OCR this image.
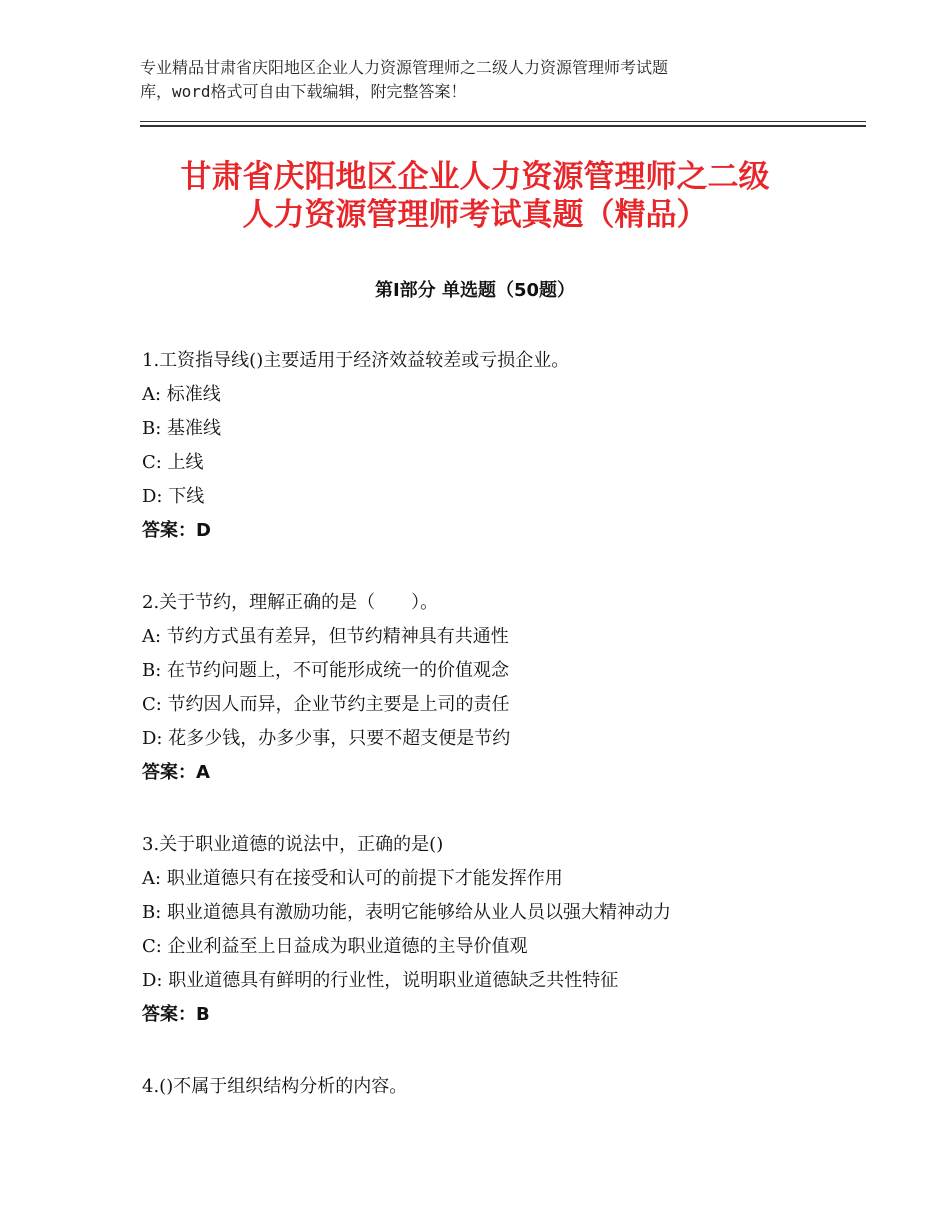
专业精品甘肃省庆阳地区企业人力资源管理师之二级人力资源管理师考试题
库，word格式可自由下载编辑，附完整答案！
甘肃省庆阳地区企业人力资源管理师之二级
人力资源管理师考试真题（精品）
第Ⅰ部分 单选题（50题）
1.工资指导线()主要适用于经济效益较差或亏损企业。
A: 标准线
B: 基准线
C: 上线
D: 下线
答案：D
2.关于节约，理解正确的是（　　）。
A: 节约方式虽有差异，但节约精神具有共通性
B: 在节约问题上，不可能形成统一的价值观念
C: 节约因人而异，企业节约主要是上司的责任
D: 花多少钱，办多少事，只要不超支便是节约
答案：A
3.关于职业道德的说法中，正确的是()
A: 职业道德只有在接受和认可的前提下才能发挥作用
B: 职业道德具有激励功能，表明它能够给从业人员以强大精神动力
C: 企业利益至上日益成为职业道德的主导价值观
D: 职业道德具有鲜明的行业性，说明职业道德缺乏共性特征
答案：B
4.()不属于组织结构分析的内容。
